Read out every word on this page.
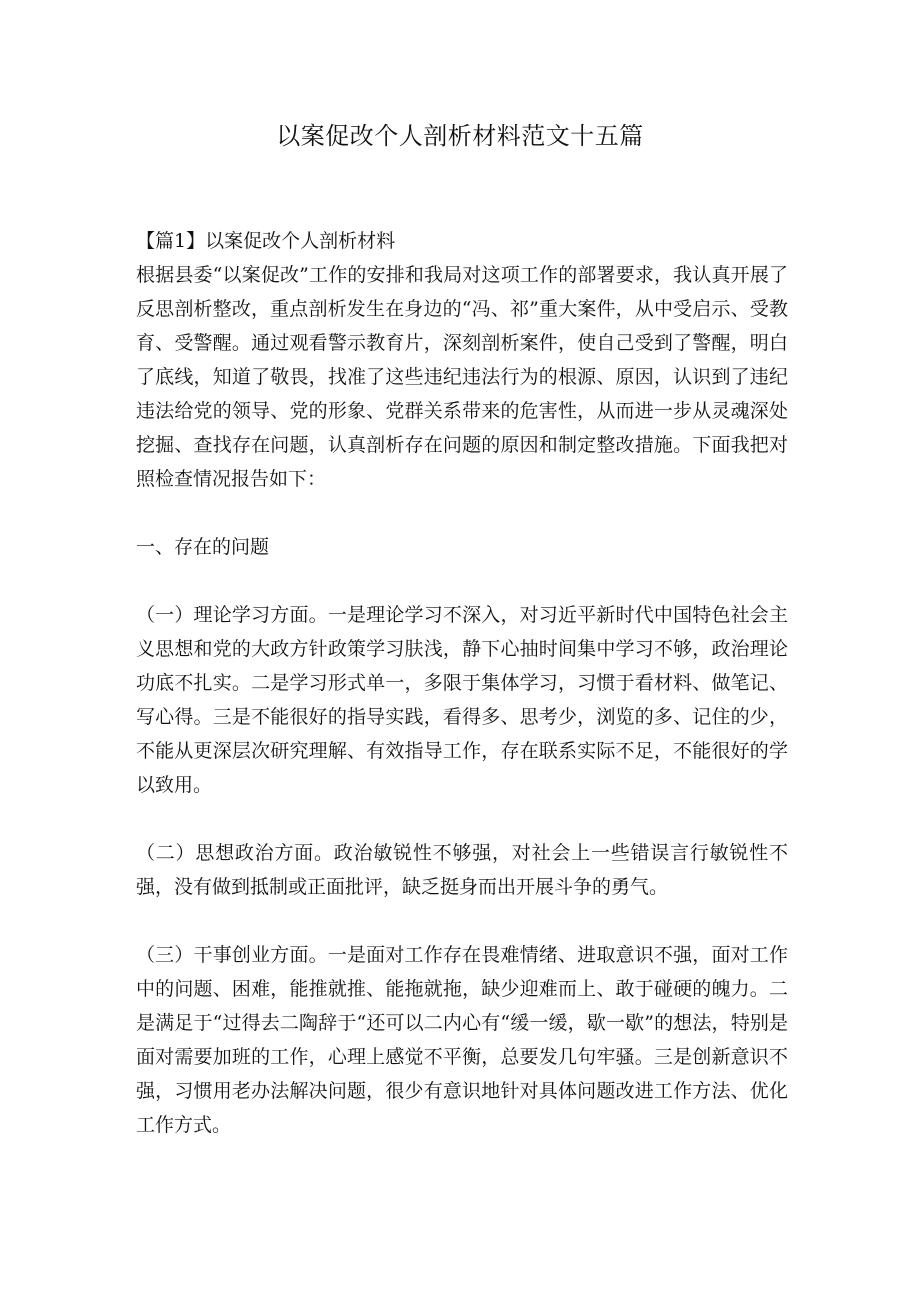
以案促改个人剖析材料范文十五篇

【篇1】以案促改个人剖析材料

根据县委“以案促改”工作的安排和我局对这项工作的部署要求，我认真开展了反思剖析整改，重点剖析发生在身边的“冯、祁”重大案件，从中受启示、受教育、受警醒。通过观看警示教育片，深刻剖析案件，使自己受到了警醒，明白了底线，知道了敬畏，找准了这些违纪违法行为的根源、原因，认识到了违纪违法给党的领导、党的形象、党群关系带来的危害性，从而进一步从灵魂深处挖掘、查找存在问题，认真剖析存在问题的原因和制定整改措施。下面我把对照检查情况报告如下：

一、存在的问题

（一）理论学习方面。一是理论学习不深入，对习近平新时代中国特色社会主义思想和党的大政方针政策学习肤浅，静下心抽时间集中学习不够，政治理论功底不扎实。二是学习形式单一，多限于集体学习，习惯于看材料、做笔记、写心得。三是不能很好的指导实践，看得多、思考少，浏览的多、记住的少，不能从更深层次研究理解、有效指导工作，存在联系实际不足，不能很好的学以致用。

（二）思想政治方面。政治敏锐性不够强，对社会上一些错误言行敏锐性不强，没有做到抵制或正面批评，缺乏挺身而出开展斗争的勇气。

（三）干事创业方面。一是面对工作存在畏难情绪、进取意识不强，面对工作中的问题、困难，能推就推、能拖就拖，缺少迎难而上、敢于碰硬的魄力。二是满足于“过得去二陶辞于“还可以二内心有“缓一缓，歇一歇”的想法，特别是面对需要加班的工作，心理上感觉不平衡，总要发几句牢骚。三是创新意识不强，习惯用老办法解决问题，很少有意识地针对具体问题改进工作方法、优化工作方式。
